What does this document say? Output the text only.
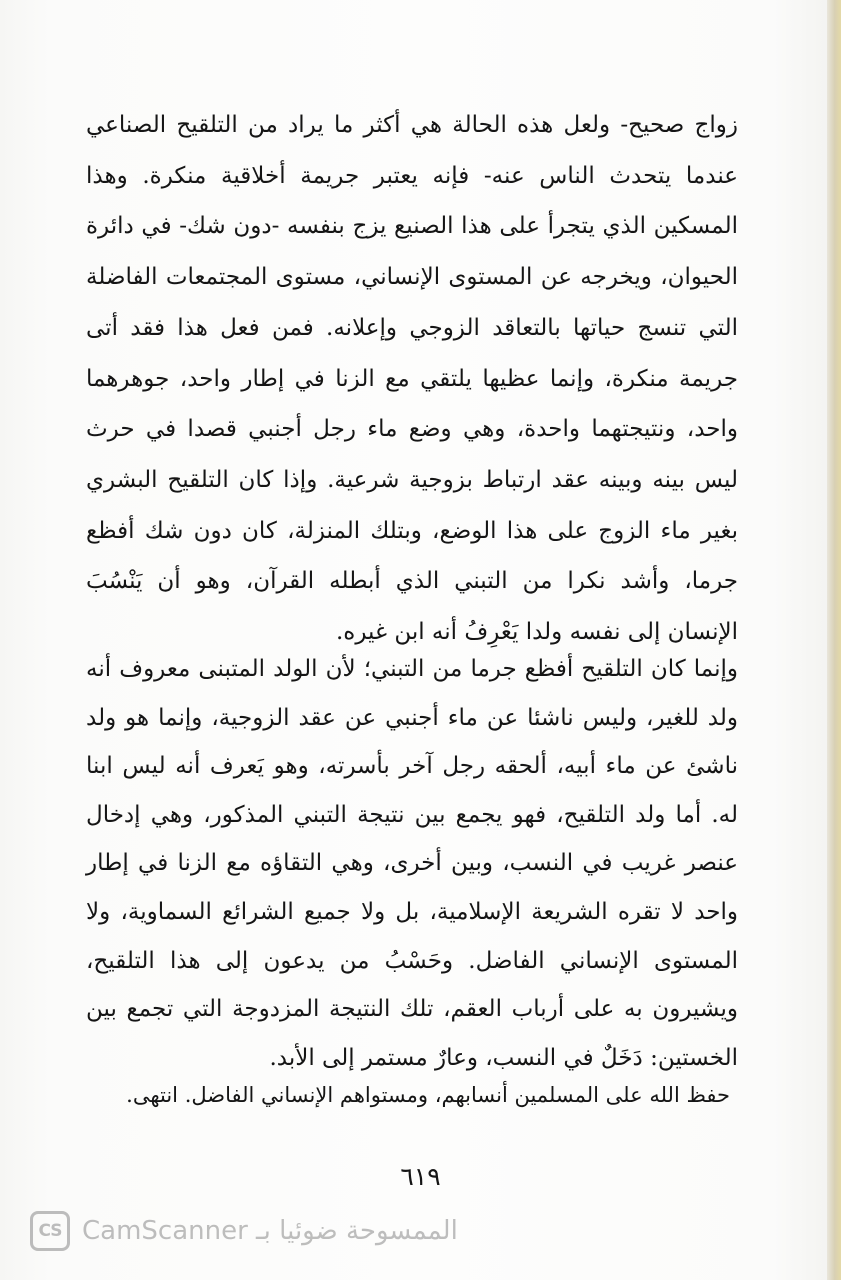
زواج صحيح- ولعل هذه الحالة هي أكثر ما يراد من التلقيح الصناعي عندما يتحدث الناس عنه- فإنه يعتبر جريمة أخلاقية منكرة. وهذا المسكين الذي يتجرأ على هذا الصنيع يزج بنفسه -دون شك- في دائرة الحيوان، ويخرجه عن المستوى الإنساني، مستوى المجتمعات الفاضلة التي تنسج حياتها بالتعاقد الزوجي وإعلانه. فمن فعل هذا فقد أتى جريمة منكرة، وإنما عظيها يلتقي مع الزنا في إطار واحد، جوهرهما واحد، ونتيجتهما واحدة، وهي وضع ماء رجل أجنبي قصدا في حرث ليس بينه وبينه عقد ارتباط بزوجية شرعية. وإذا كان التلقيح البشري بغير ماء الزوج على هذا الوضع، وبتلك المنزلة، كان دون شك أفظع جرما، وأشد نكرا من التبني الذي أبطله القرآن، وهو أن يَنْسُبَ الإنسان إلى نفسه ولدا يَعْرِفُ أنه ابن غيره.

وإنما كان التلقيح أفظع جرما من التبني؛ لأن الولد المتبنى معروف أنه ولد للغير، وليس ناشئا عن ماء أجنبي عن عقد الزوجية، وإنما هو ولد ناشئ عن ماء أبيه، ألحقه رجل آخر بأسرته، وهو يَعرف أنه ليس ابنا له. أما ولد التلقيح، فهو يجمع بين نتيجة التبني المذكور، وهي إدخال عنصر غريب في النسب، وبين أخرى، وهي التقاؤه مع الزنا في إطار واحد لا تقره الشريعة الإسلامية، بل ولا جميع الشرائع السماوية، ولا المستوى الإنساني الفاضل. وحَسْبُ من يدعون إلى هذا التلقيح، ويشيرون به على أرباب العقم، تلك النتيجة المزدوجة التي تجمع بين الخستين: دَخَلٌ في النسب، وعارٌ مستمر إلى الأبد.

حفظ الله على المسلمين أنسابهم، ومستواهم الإنساني الفاضل. انتهى.

٦١٩
CS الممسوحة ضوئيا بـ CamScanner
